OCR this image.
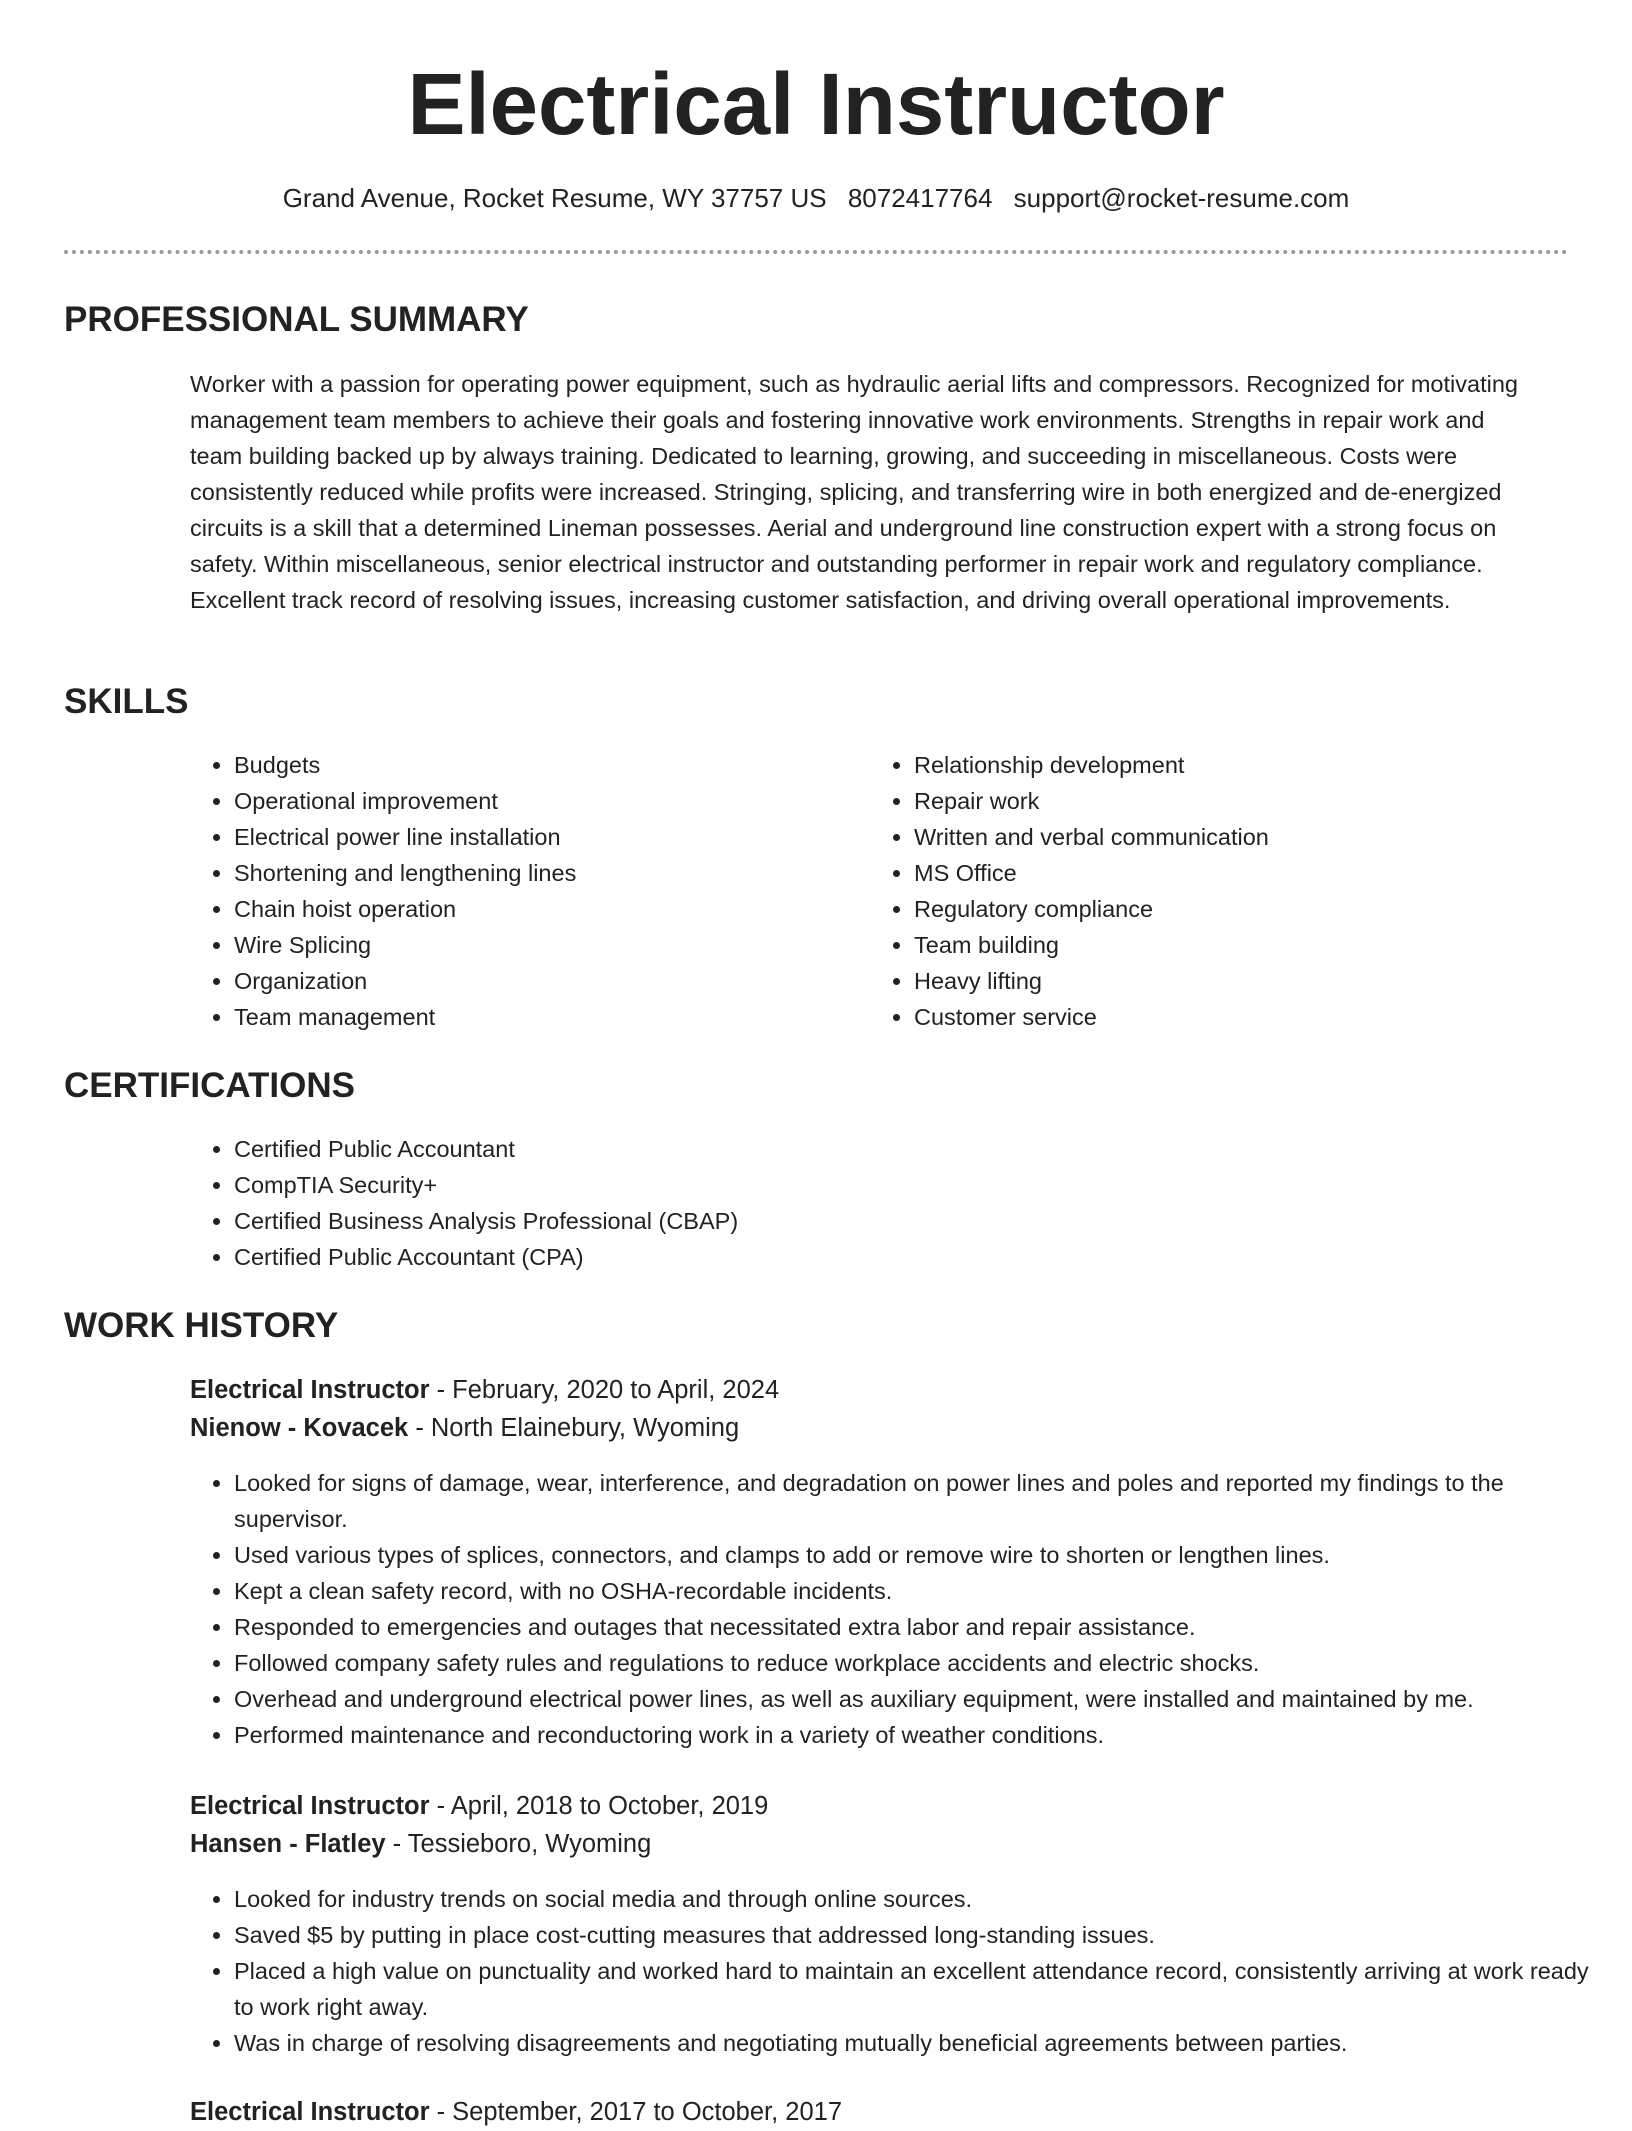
Electrical Instructor
Grand Avenue, Rocket Resume, WY 37757 US 8072417764 support@rocket-resume.com
PROFESSIONAL SUMMARY

Worker with a passion for operating power equipment, such as hydraulic aerial lifts and compressors. Recognized for motivating management team members to achieve their goals and fostering innovative work environments. Strengths in repair work and team building backed up by always training. Dedicated to learning, growing, and succeeding in miscellaneous. Costs were consistently reduced while profits were increased. Stringing, splicing, and transferring wire in both energized and de-energized circuits is a skill that a determined Lineman possesses. Aerial and underground line construction expert with a strong focus on safety. Within miscellaneous, senior electrical instructor and outstanding performer in repair work and regulatory compliance. Excellent track record of resolving issues, increasing customer satisfaction, and driving overall operational improvements.

SKILLS
• Budgets
• Operational improvement
• Electrical power line installation
• Shortening and lengthening lines
• Chain hoist operation
• Wire Splicing
• Organization
• Team management
• Relationship development
• Repair work
• Written and verbal communication
• MS Office
• Regulatory compliance
• Team building
• Heavy lifting
• Customer service
CERTIFICATIONS
• Certified Public Accountant
• CompTIA Security+
• Certified Business Analysis Professional (CBAP)
• Certified Public Accountant (CPA)
WORK HISTORY
Electrical Instructor - February, 2020 to April, 2024
Nienow - Kovacek - North Elainebury, Wyoming
• Looked for signs of damage, wear, interference, and degradation on power lines and poles and reported my findings to the supervisor.
• Used various types of splices, connectors, and clamps to add or remove wire to shorten or lengthen lines.
• Kept a clean safety record, with no OSHA-recordable incidents.
• Responded to emergencies and outages that necessitated extra labor and repair assistance.
• Followed company safety rules and regulations to reduce workplace accidents and electric shocks.
• Overhead and underground electrical power lines, as well as auxiliary equipment, were installed and maintained by me.
• Performed maintenance and reconductoring work in a variety of weather conditions.
Electrical Instructor - April, 2018 to October, 2019
Hansen - Flatley - Tessieboro, Wyoming
• Looked for industry trends on social media and through online sources.
• Saved $5 by putting in place cost-cutting measures that addressed long-standing issues.
• Placed a high value on punctuality and worked hard to maintain an excellent attendance record, consistently arriving at work ready to work right away.
• Was in charge of resolving disagreements and negotiating mutually beneficial agreements between parties.
Electrical Instructor - September, 2017 to October, 2017
